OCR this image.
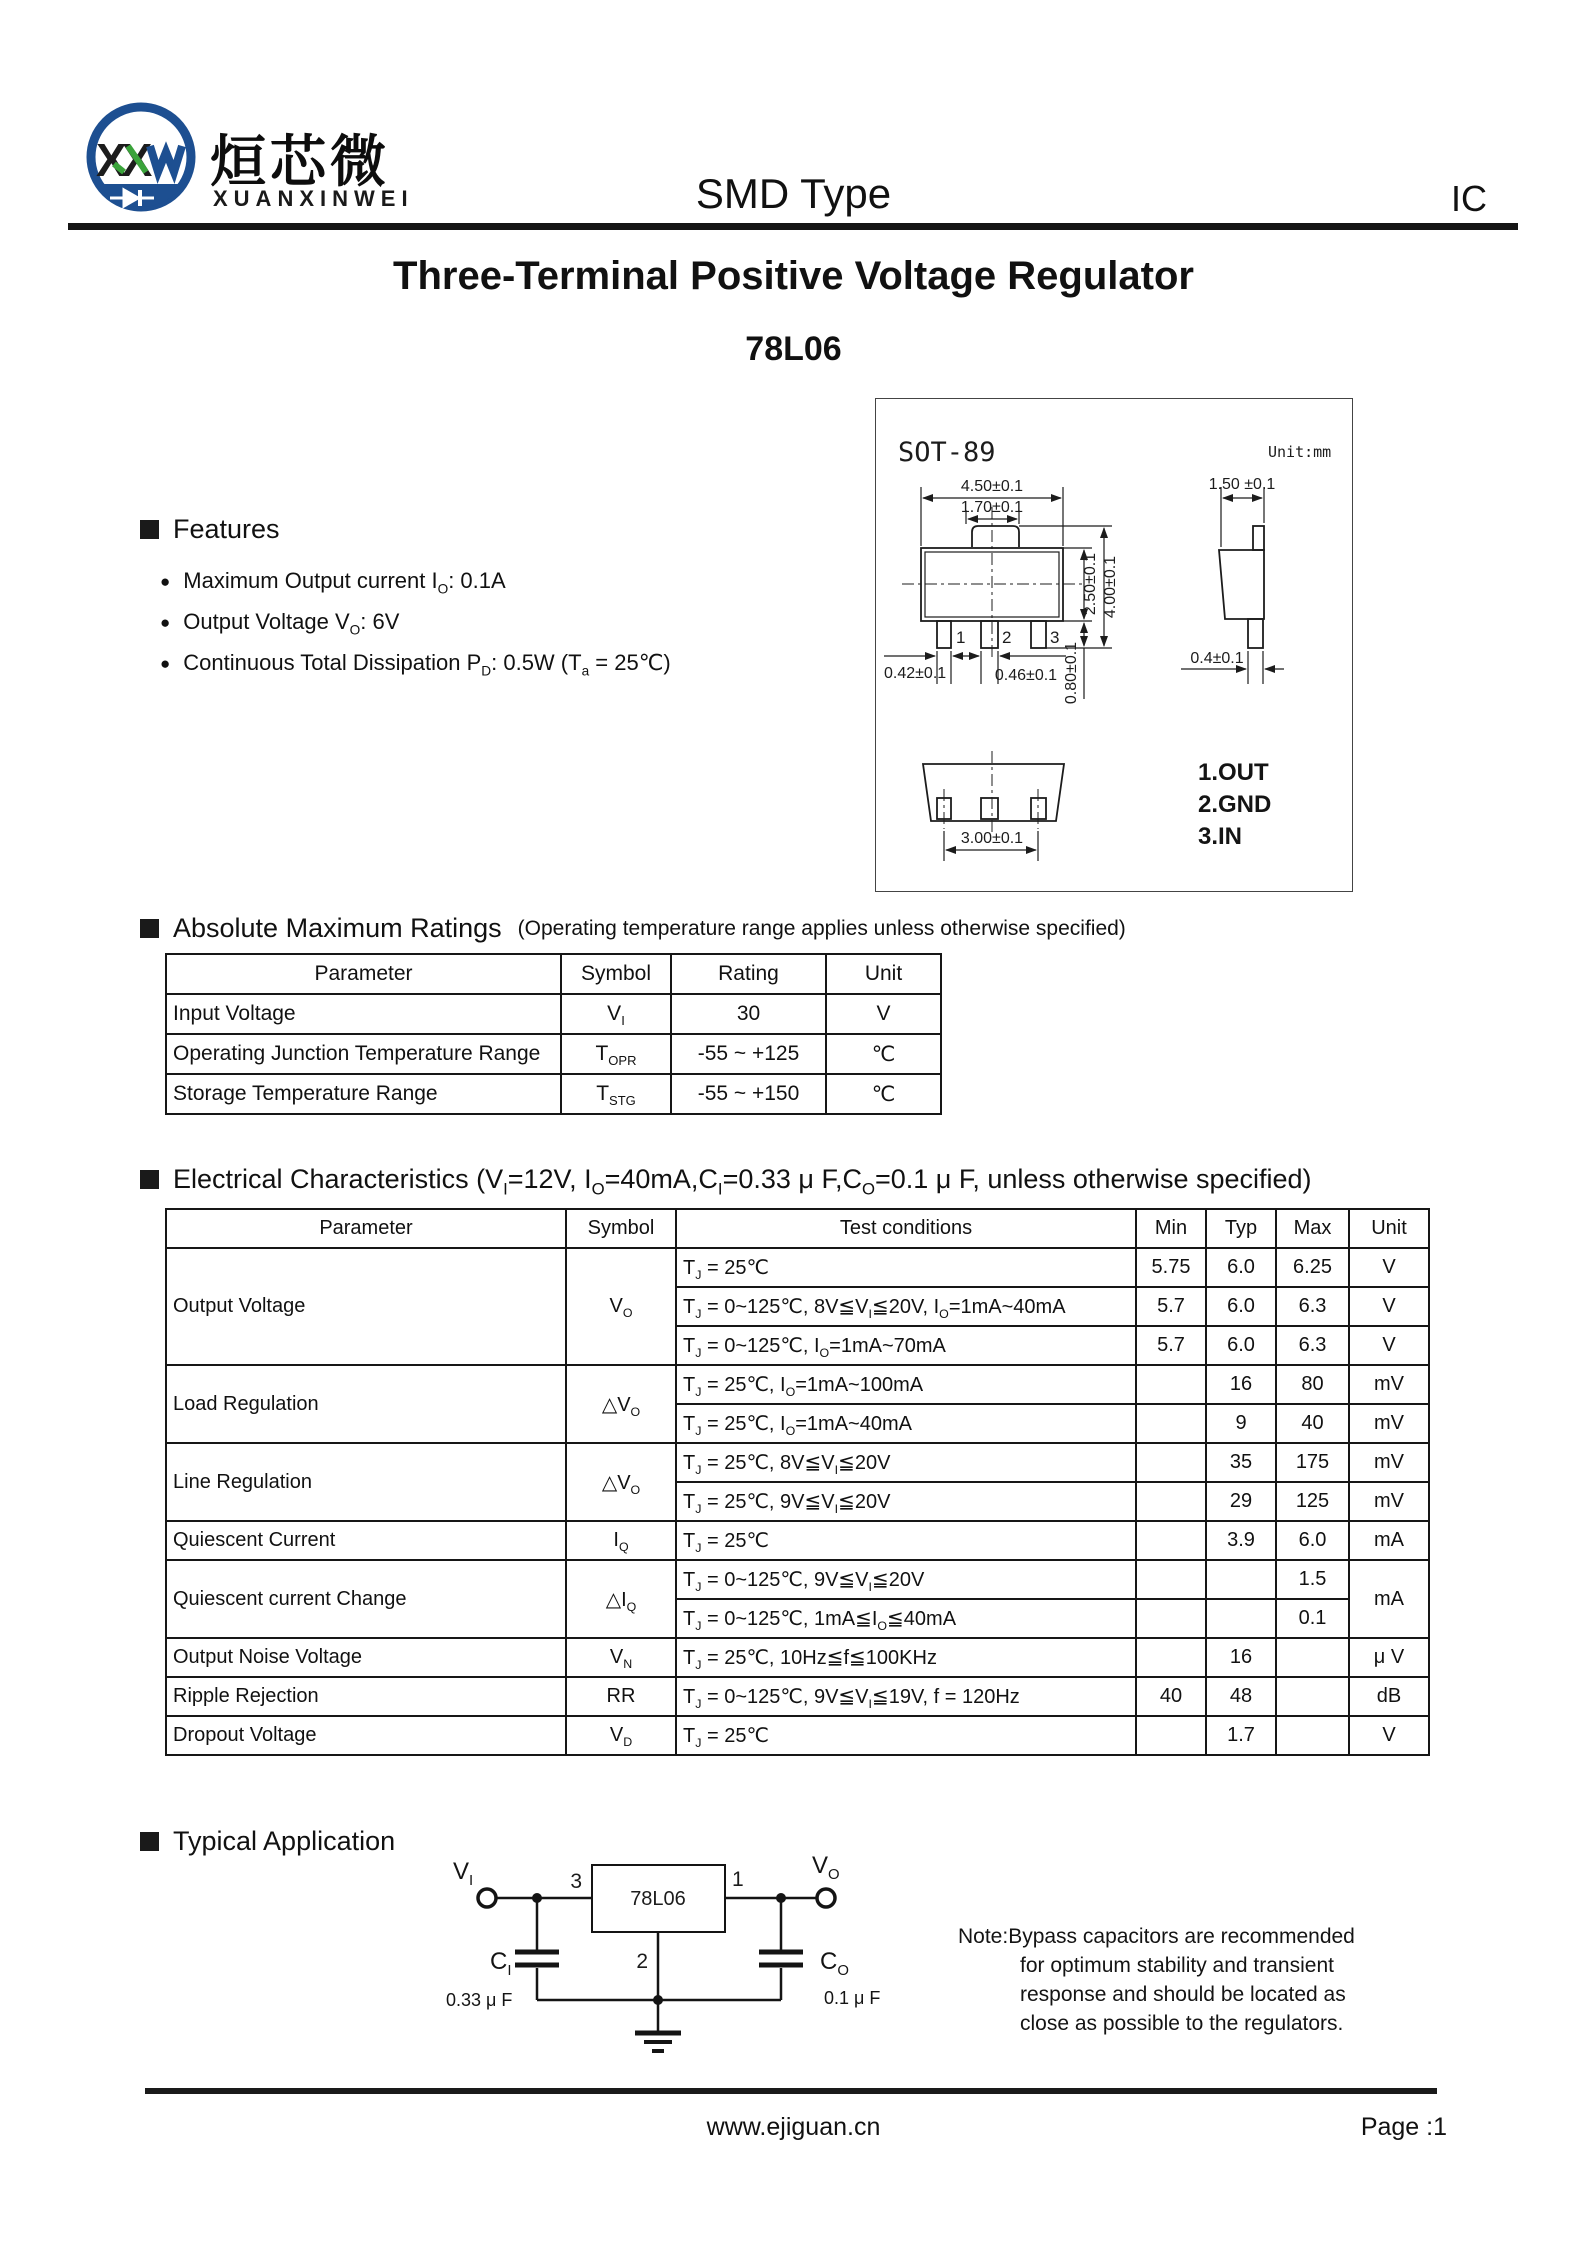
XX 烜芯微
XUANXINWEI	SMD Type	IC
Three-Terminal Positive Voltage Regulator
78L06
SOT-89	Unit:mm
1 2 3
4.50±0.1
1.70±0.1
2.50±0.1 4.00±0.1
0.80±0.1
0.42±0.1	0.46±0.1
1.50 ±0.1
0.4±0.1
3.00±0.1
1.OUT
2.GND
3.IN
Features
● Maximum Output current $I_O$: 0.1A
● Output Voltage $V_O$: 6V
● Continuous Total Dissipation $P_D$: 0.5W ($T_a$ = 25℃)
Absolute Maximum Ratings (Operating temperature range applies unless otherwise specified)
Parameter	Symbol	Rating	Unit
Input Voltage	$V_I$	30	V
Operating Junction Temperature Range	$T_{OPR}$	-55 ~ +125	℃
Storage Temperature Range	$T_{STG}$	-55 ~ +150	℃
Electrical Characteristics ($V_I=12V$, $I_O=40mA,C_I=0.33$ μ $F,C_O=0.1$ μ F, unless otherwise specified)
Parameter	Symbol	Test conditions	Min	Typ	Max	Unit
Output Voltage	$V_O$	$T_J$ = 25℃	5.75	6.0	6.25	V
		$T_J$ = 0~125℃, $8V≦V_I≦20V$, $I_O=1mA\sim 40mA$	5.7	6.0	6.3	V
		$T_J$ = 0~125℃, $I_O=1mA\sim 70mA$	5.7	6.0	6.3	V
Load Regulation	$\triangle V_O$	$T_J$ = 25℃, $I_O=1mA\sim 100mA$		16	80	mV
		$T_J$ = 25℃, $I_O=1mA\sim 40mA$		9	40	mV
Line Regulation	$\triangle V_O$	$T_J$ = 25℃, $8V≦V_I≦20V$		35	175	mV
		$T_J$ = 25℃, $9V≦V_I≦20V$		29	125	mV
Quiescent Current	$I_Q$	$T_J$ = 25℃		3.9	6.0	mA
Quiescent current Change	$\triangle I_Q$	$T_J$ = 0~125℃, $9V≦V_I≦20V$			1.5	mA
		$T_J$ = 0~125℃, $1mA≦I_O≦40mA$			0.1	
Output Noise Voltage	$V_N$	$T_J$ = 25℃, 10Hz≦f≦100KHz		16		μ V
Ripple Rejection	RR	$T_J$ = 0~125℃, $9V≦V_I≦19V$, f = 120Hz	40	48		dB
Dropout Voltage	$V_D$	$T_J$ = 25℃		1.7		V
Typical Application
78L06
3	1
2
$V_I$
$V_O$
$C_I$	$C_O$
0.33 μ F	0.1 μ F
Note:Bypass capacitors are recommended
for optimum stability and transient
response and should be located as
close as possible to the regulators.
www.ejiguan.cn	Page :1
